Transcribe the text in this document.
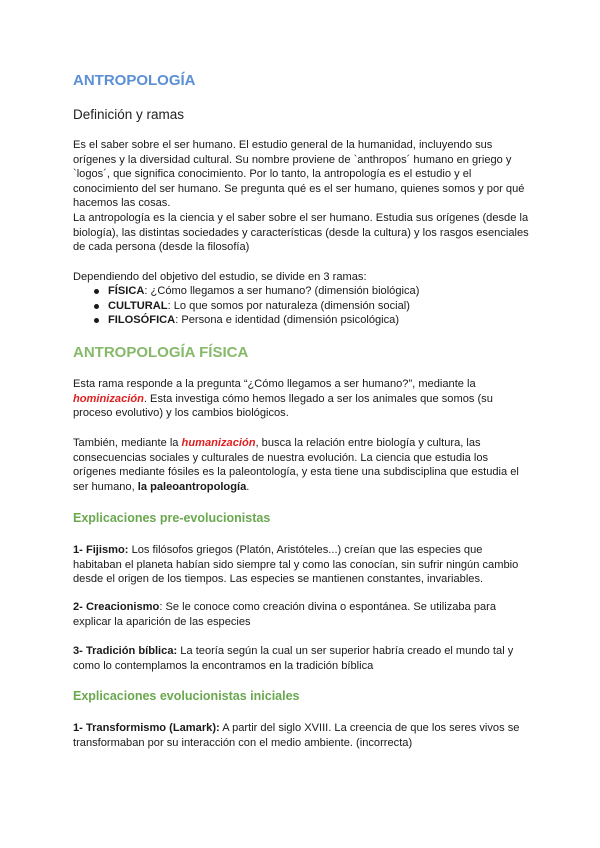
ANTROPOLOGÍA

Definición y ramas

Es el saber sobre el ser humano. El estudio general de la humanidad, incluyendo sus orígenes y la diversidad cultural. Su nombre proviene de `anthropos´ humano en griego y `logos´, que significa conocimiento. Por lo tanto, la antropología es el estudio y el conocimiento del ser humano. Se pregunta qué es el ser humano, quienes somos y por qué hacemos las cosas.

La antropología es la ciencia y el saber sobre el ser humano. Estudia sus orígenes (desde la biología), las distintas sociedades y características (desde la cultura) y los rasgos esenciales de cada persona (desde la filosofía)

Dependiendo del objetivo del estudio, se divide en 3 ramas:

FÍSICA: ¿Cómo llegamos a ser humano? (dimensión biológica)
CULTURAL: Lo que somos por naturaleza (dimensión social)
FILOSÓFICA: Persona e identidad (dimensión psicológica)
ANTROPOLOGÍA FÍSICA

Esta rama responde a la pregunta “¿Cómo llegamos a ser humano?”, mediante la hominización. Esta investiga cómo hemos llegado a ser los animales que somos (su proceso evolutivo) y los cambios biológicos.

También, mediante la humanización, busca la relación entre biología y cultura, las consecuencias sociales y culturales de nuestra evolución. La ciencia que estudia los orígenes mediante fósiles es la paleontología, y esta tiene una subdisciplina que estudia el ser humano, la paleoantropología.

Explicaciones pre-evolucionistas

1- Fijismo: Los filósofos griegos (Platón, Aristóteles...) creían que las especies que habitaban el planeta habían sido siempre tal y como las conocían, sin sufrir ningún cambio desde el origen de los tiempos. Las especies se mantienen constantes, invariables.

2- Creacionismo: Se le conoce como creación divina o espontánea. Se utilizaba para explicar la aparición de las especies

3- Tradición bíblica: La teoría según la cual un ser superior habría creado el mundo tal y como lo contemplamos la encontramos en la tradición bíblica

Explicaciones evolucionistas iniciales

1- Transformismo (Lamark): A partir del siglo XVIII. La creencia de que los seres vivos se transformaban por su interacción con el medio ambiente. (incorrecta)
